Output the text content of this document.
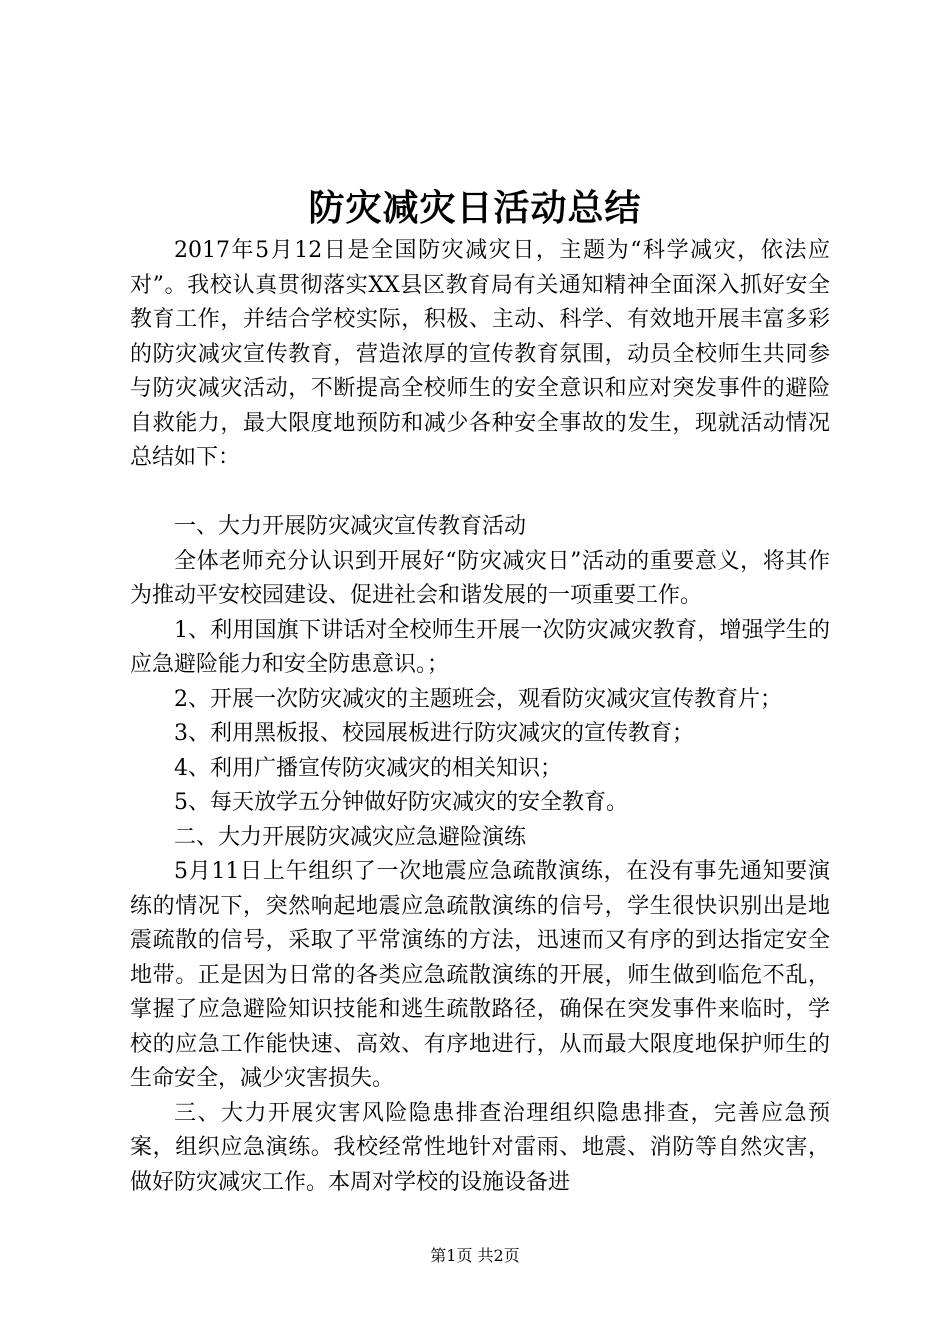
防灾减灾日活动总结

2017年5月12日是全国防灾减灾日，主题为“科学减灾，依法应对”。我校认真贯彻落实XX县区教育局有关通知精神全面深入抓好安全教育工作，并结合学校实际，积极、主动、科学、有效地开展丰富多彩的防灾减灾宣传教育，营造浓厚的宣传教育氛围，动员全校师生共同参与防灾减灾活动，不断提高全校师生的安全意识和应对突发事件的避险自救能力，最大限度地预防和减少各种安全事故的发生，现就活动情况总结如下：

一、大力开展防灾减灾宣传教育活动

全体老师充分认识到开展好“防灾减灾日”活动的重要意义，将其作为推动平安校园建设、促进社会和谐发展的一项重要工作。

1、利用国旗下讲话对全校师生开展一次防灾减灾教育，增强学生的应急避险能力和安全防患意识。；

2、开展一次防灾减灾的主题班会，观看防灾减灾宣传教育片；

3、利用黑板报、校园展板进行防灾减灾的宣传教育；

4、利用广播宣传防灾减灾的相关知识；

5、每天放学五分钟做好防灾减灾的安全教育。

二、大力开展防灾减灾应急避险演练

5月11日上午组织了一次地震应急疏散演练，在没有事先通知要演练的情况下，突然响起地震应急疏散演练的信号，学生很快识别出是地震疏散的信号，采取了平常演练的方法，迅速而又有序的到达指定安全地带。正是因为日常的各类应急疏散演练的开展，师生做到临危不乱，掌握了应急避险知识技能和逃生疏散路径，确保在突发事件来临时，学校的应急工作能快速、高效、有序地进行，从而最大限度地保护师生的生命安全，减少灾害损失。

三、大力开展灾害风险隐患排查治理组织隐患排查，完善应急预案，组织应急演练。我校经常性地针对雷雨、地震、消防等自然灾害，做好防灾减灾工作。本周对学校的设施设备进

第1页 共2页
